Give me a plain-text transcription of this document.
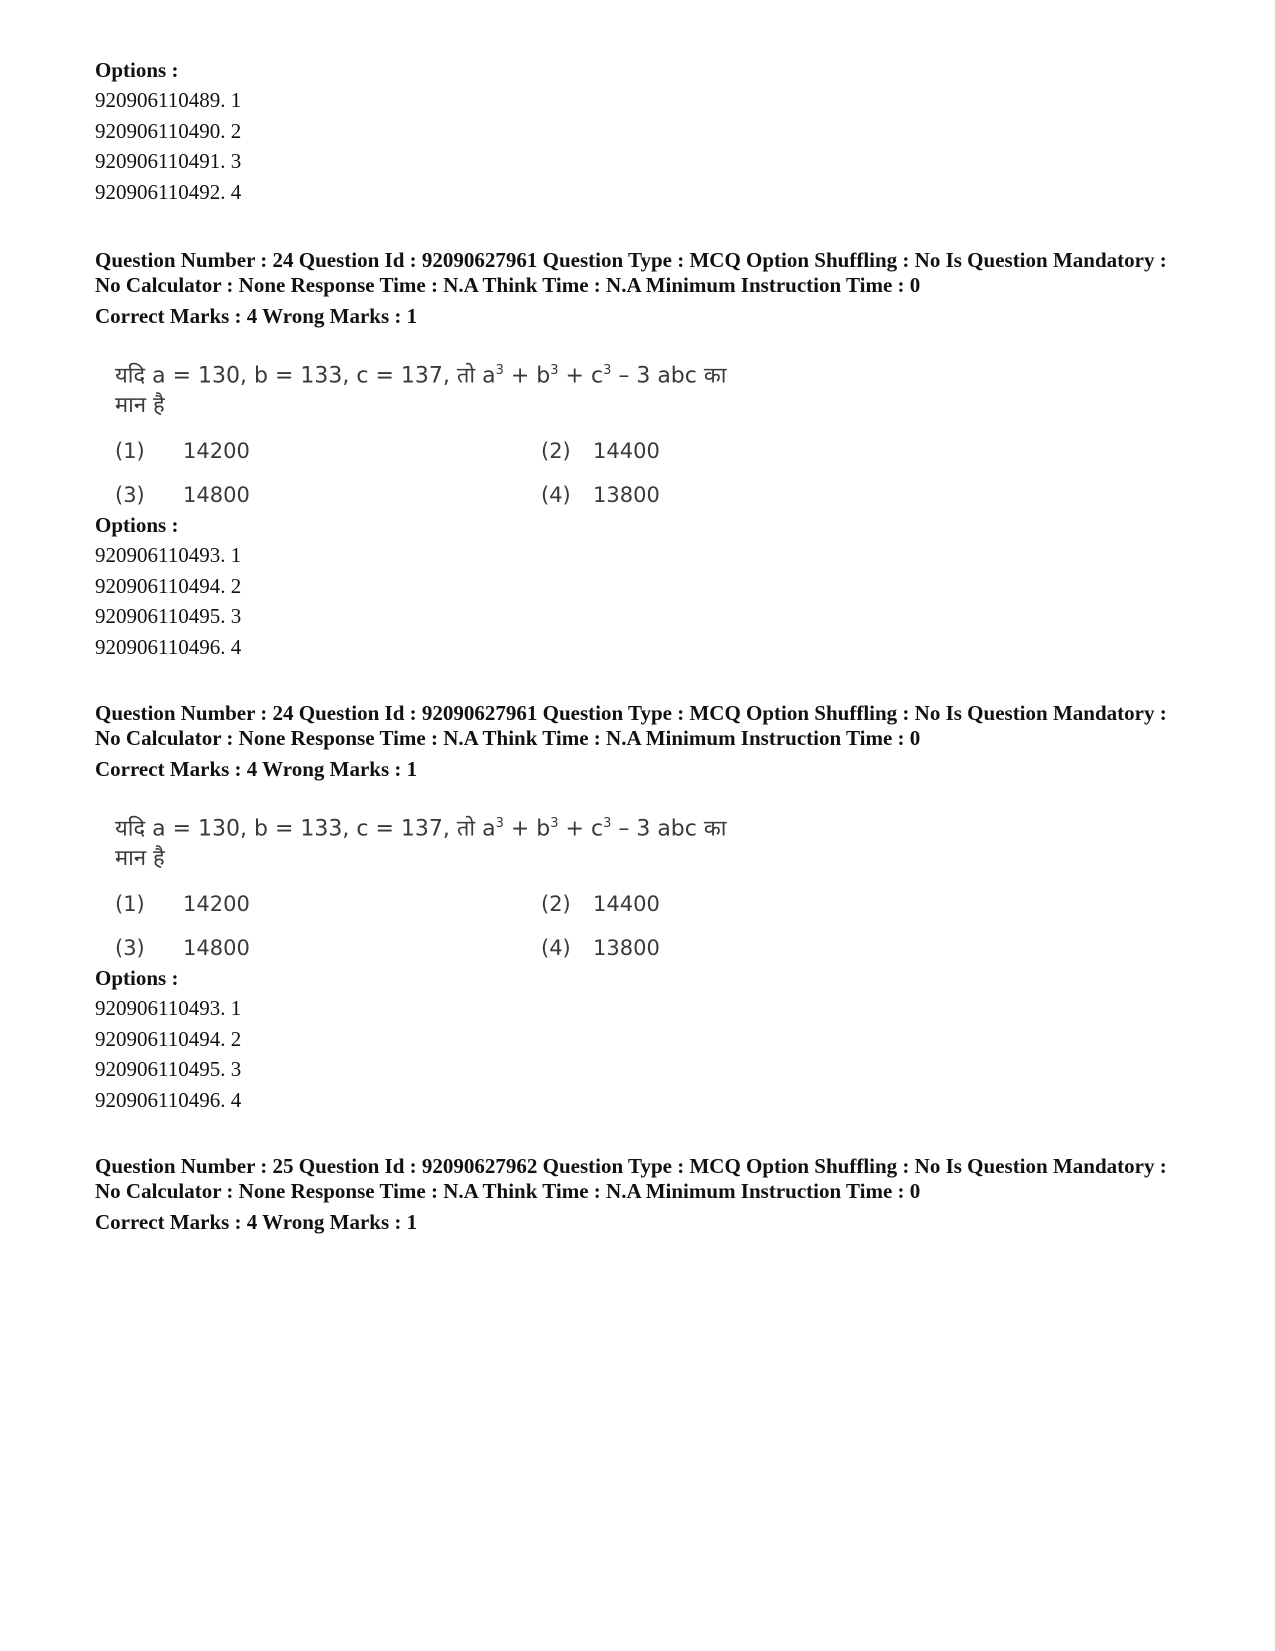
Options :
920906110489. 1
920906110490. 2
920906110491. 3
920906110492. 4
Question Number : 24 Question Id : 92090627961 Question Type : MCQ Option Shuffling : No Is Question Mandatory : No Calculator : None Response Time : N.A Think Time : N.A Minimum Instruction Time : 0
Correct Marks : 4 Wrong Marks : 1
यदि a = 130, b = 133, c = 137, तो $a^3 + b^3 + c^3 - 3$ abc का मान है
(1) 14200	(2) 14400
(3) 14800	(4) 13800
Options :
920906110493. 1
920906110494. 2
920906110495. 3
920906110496. 4
Question Number : 24 Question Id : 92090627961 Question Type : MCQ Option Shuffling : No Is Question Mandatory : No Calculator : None Response Time : N.A Think Time : N.A Minimum Instruction Time : 0
Correct Marks : 4 Wrong Marks : 1
यदि a = 130, b = 133, c = 137, तो $a^3 + b^3 + c^3 - 3$ abc का मान है
(1) 14200	(2) 14400
(3) 14800	(4) 13800
Options :
920906110493. 1
920906110494. 2
920906110495. 3
920906110496. 4
Question Number : 25 Question Id : 92090627962 Question Type : MCQ Option Shuffling : No Is Question Mandatory : No Calculator : None Response Time : N.A Think Time : N.A Minimum Instruction Time : 0
Correct Marks : 4 Wrong Marks : 1
